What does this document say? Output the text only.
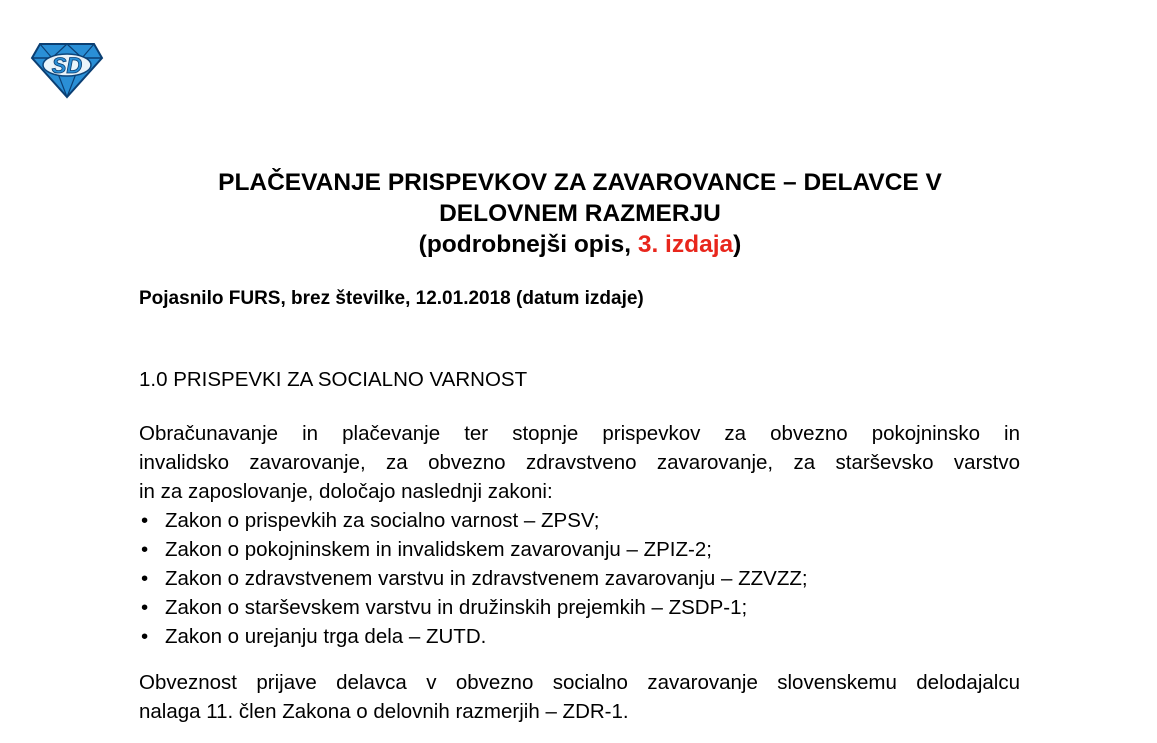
SD
PLAČEVANJE PRISPEVKOV ZA ZAVAROVANCE – DELAVCE V
DELOVNEM RAZMERJU
(podrobnejši opis, 3. izdaja)
Pojasnilo FURS, brez številke, 12.01.2018 (datum izdaje)
1.0 PRISPEVKI ZA SOCIALNO VARNOST
Obračunavanje in plačevanje ter stopnje prispevkov za obvezno pokojninsko in
invalidsko zavarovanje, za obvezno zdravstveno zavarovanje, za starševsko varstvo
in za zaposlovanje, določajo naslednji zakoni:
• Zakon o prispevkih za socialno varnost – ZPSV;
• Zakon o pokojninskem in invalidskem zavarovanju – ZPIZ-2;
• Zakon o zdravstvenem varstvu in zdravstvenem zavarovanju – ZZVZZ;
• Zakon o starševskem varstvu in družinskih prejemkih – ZSDP-1;
• Zakon o urejanju trga dela – ZUTD.
Obveznost prijave delavca v obvezno socialno zavarovanje slovenskemu delodajalcu
nalaga 11. člen Zakona o delovnih razmerjih – ZDR-1.
